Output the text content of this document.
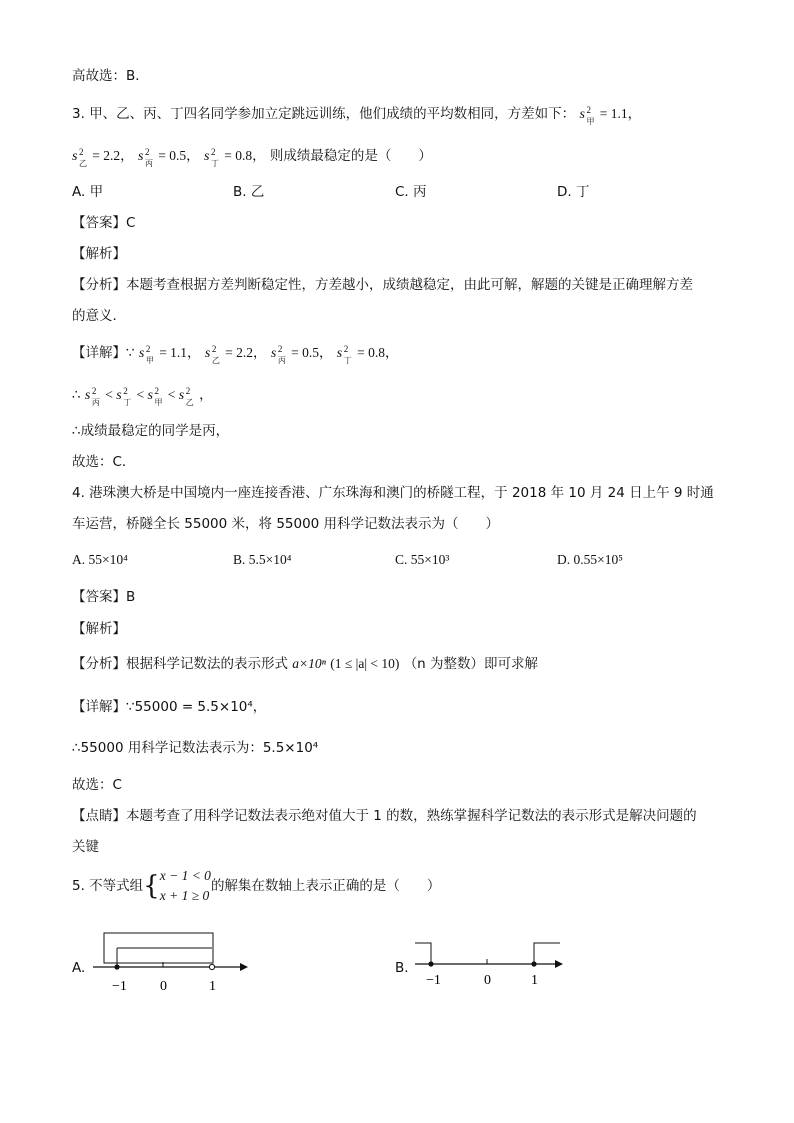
高故选：B．
3. 甲、乙、丙、丁四名同学参加立定跳远训练，他们成绩的平均数相同，方差如下： s 2
甲
= 1.1，
s 2
乙
= 2.2， s 2
丙
= 0.5， s 2
丁
= 0.8， 则成绩最稳定的是（　　）
A. 甲	B. 乙	C. 丙	D. 丁
【答案】C
【解析】
【分析】本题考查根据方差判断稳定性，方差越小，成绩越稳定，由此可解，解题的关键是正确理解方差
的意义．
【详解】∵ s 2
甲
= 1.1， s 2
乙
= 2.2， s 2
丙
= 0.5， s 2
丁
= 0.8，
∴ s 2
丙
< s 2
丁
< s 2
甲
< s 2
乙 ，
∴成绩最稳定的同学是丙，
故选：C．
4. 港珠澳大桥是中国境内一座连接香港、广东珠海和澳门的桥隧工程，于 2018 年 10 月 24 日上午 9 时通
车运营，桥隧全长 55000 米，将 55000 用科学记数法表示为（　　）
A. 55×10⁴	B. 5.5×10⁴	C. 55×10³	D. 0.55×10⁵
【答案】B
【解析】
【分析】根据科学记数法的表示形式 a×10ⁿ (1 ≤ |a| < 10) （n 为整数）即可求解
【详解】∵55000 = 5.5×10⁴，
∴55000 用科学记数法表示为：5.5×10⁴
故选：C
【点睛】本题考查了用科学记数法表示绝对值大于 1 的数，熟练掌握科学记数法的表示形式是解决问题的
关键
5. 不等式组{ x − 1 < 0
x + 1 ≥ 0
的解集在数轴上表示正确的是（　　）
A.
−1 0	1
B.
−1	0	1
